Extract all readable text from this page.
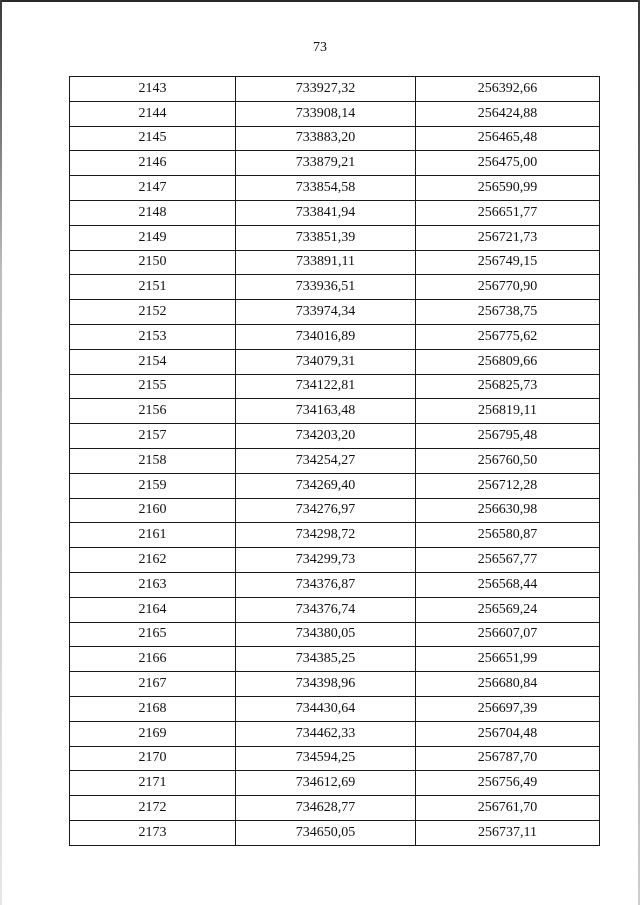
73
2143	733927,32	256392,66
2144	733908,14	256424,88
2145	733883,20	256465,48
2146	733879,21	256475,00
2147	733854,58	256590,99
2148	733841,94	256651,77
2149	733851,39	256721,73
2150	733891,11	256749,15
2151	733936,51	256770,90
2152	733974,34	256738,75
2153	734016,89	256775,62
2154	734079,31	256809,66
2155	734122,81	256825,73
2156	734163,48	256819,11
2157	734203,20	256795,48
2158	734254,27	256760,50
2159	734269,40	256712,28
2160	734276,97	256630,98
2161	734298,72	256580,87
2162	734299,73	256567,77
2163	734376,87	256568,44
2164	734376,74	256569,24
2165	734380,05	256607,07
2166	734385,25	256651,99
2167	734398,96	256680,84
2168	734430,64	256697,39
2169	734462,33	256704,48
2170	734594,25	256787,70
2171	734612,69	256756,49
2172	734628,77	256761,70
2173	734650,05	256737,11
